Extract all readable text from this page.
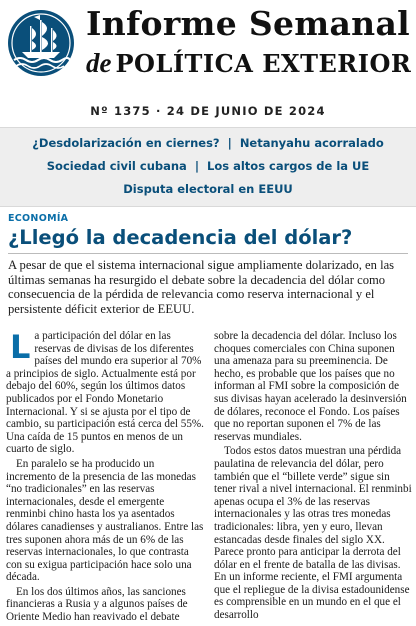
Informe Semanal
de POLÍTICA EXTERIOR
Nº 1375 · 24 DE JUNIO DE 2024
¿Desdolarización en ciernes? | Netanyahu acorralado
Sociedad civil cubana | Los altos cargos de la UE
Disputa electoral en EEUU
ECONOMÍA
¿Llegó la decadencia del dólar?
A pesar de que el sistema internacional sigue ampliamente dolarizado, en las últimas semanas ha resurgido el debate sobre la decadencia del dólar como consecuencia de la pérdida de relevancia como reserva internacional y el persistente déficit exterior de EEUU.

La participación del dólar en las reservas de divisas de los diferentes países del mundo era superior al 70% a principios de siglo. Actualmente está por debajo del 60%, según los últimos datos publicados por el Fondo Monetario Internacional. Y si se ajusta por el tipo de cambio, su participación está cerca del 55%. Una caída de 15 puntos en menos de un cuarto de siglo.

En paralelo se ha producido un incremento de la presencia de las monedas “no tradicionales” en las reservas internacionales, desde el emergente renminbi chino hasta los ya asentados dólares canadienses y australianos. Entre las tres suponen ahora más de un 6% de las reservas internacionales, lo que contrasta con su exigua participación hace solo una década.

En los dos últimos años, las sanciones financieras a Rusia y a algunos países de Oriente Medio han reavivado el debate

sobre la decadencia del dólar. Incluso los choques comerciales con China suponen una amenaza para su preeminencia. De hecho, es probable que los países que no informan al FMI sobre la composición de sus divisas hayan acelerado la desinversión de dólares, reconoce el Fondo. Los países que no reportan suponen el 7% de las reservas mundiales.

Todos estos datos muestran una pérdida paulatina de relevancia del dólar, pero también que el “billete verde” sigue sin tener rival a nivel internacional. El renminbi apenas ocupa el 3% de las reservas internacionales y las otras tres monedas tradicionales: libra, yen y euro, llevan estancadas desde finales del siglo XX. Parece pronto para anticipar la derrota del dólar en el frente de batalla de las divisas. En un informe reciente, el FMI argumenta que el repliegue de la divisa estadounidense es comprensible en un mundo en el que el desarrollo
